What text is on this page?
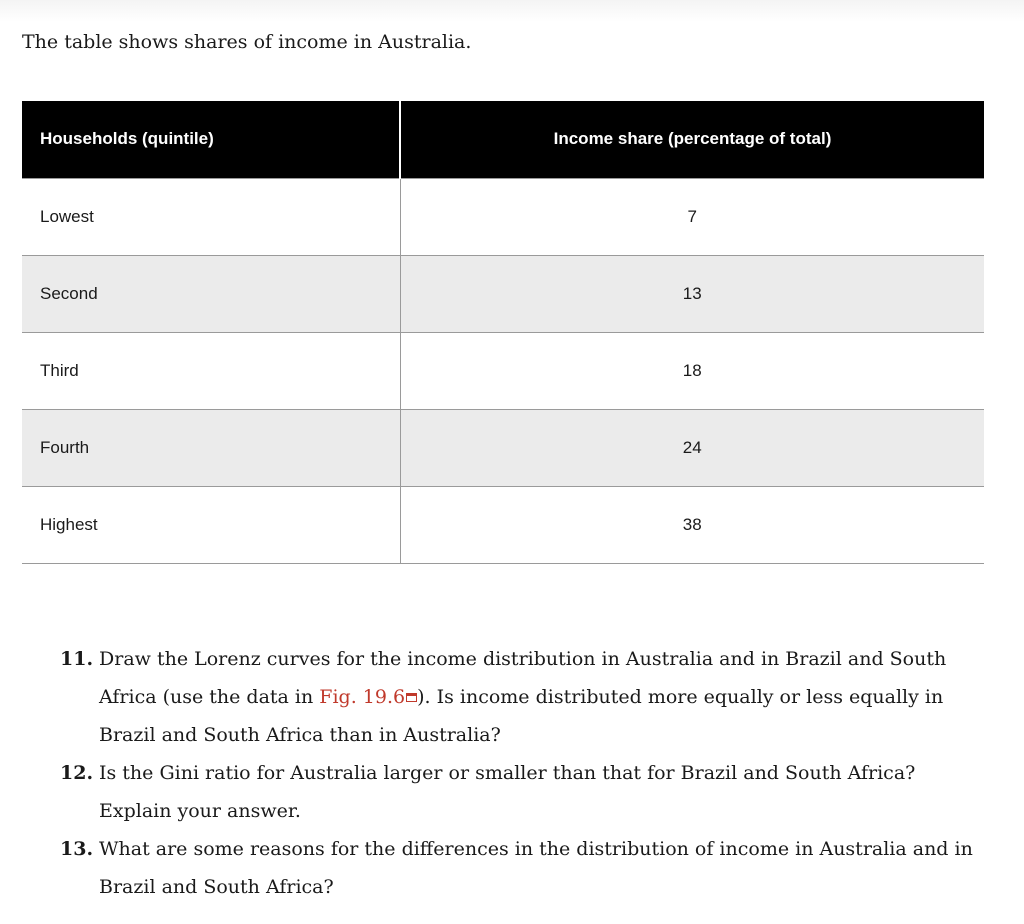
The table shows shares of income in Australia.

Households (quintile)	Income share (percentage of total)
Lowest	7
Second	13
Third	18
Fourth	24
Highest	38
11. Draw the Lorenz curves for the income distribution in Australia and in Brazil and South Africa (use the data in Fig. 19.6 ). Is income distributed more equally or less equally in Brazil and South Africa than in Australia?
12. Is the Gini ratio for Australia larger or smaller than that for Brazil and South Africa? Explain your answer.
13. What are some reasons for the differences in the distribution of income in Australia and in Brazil and South Africa?
